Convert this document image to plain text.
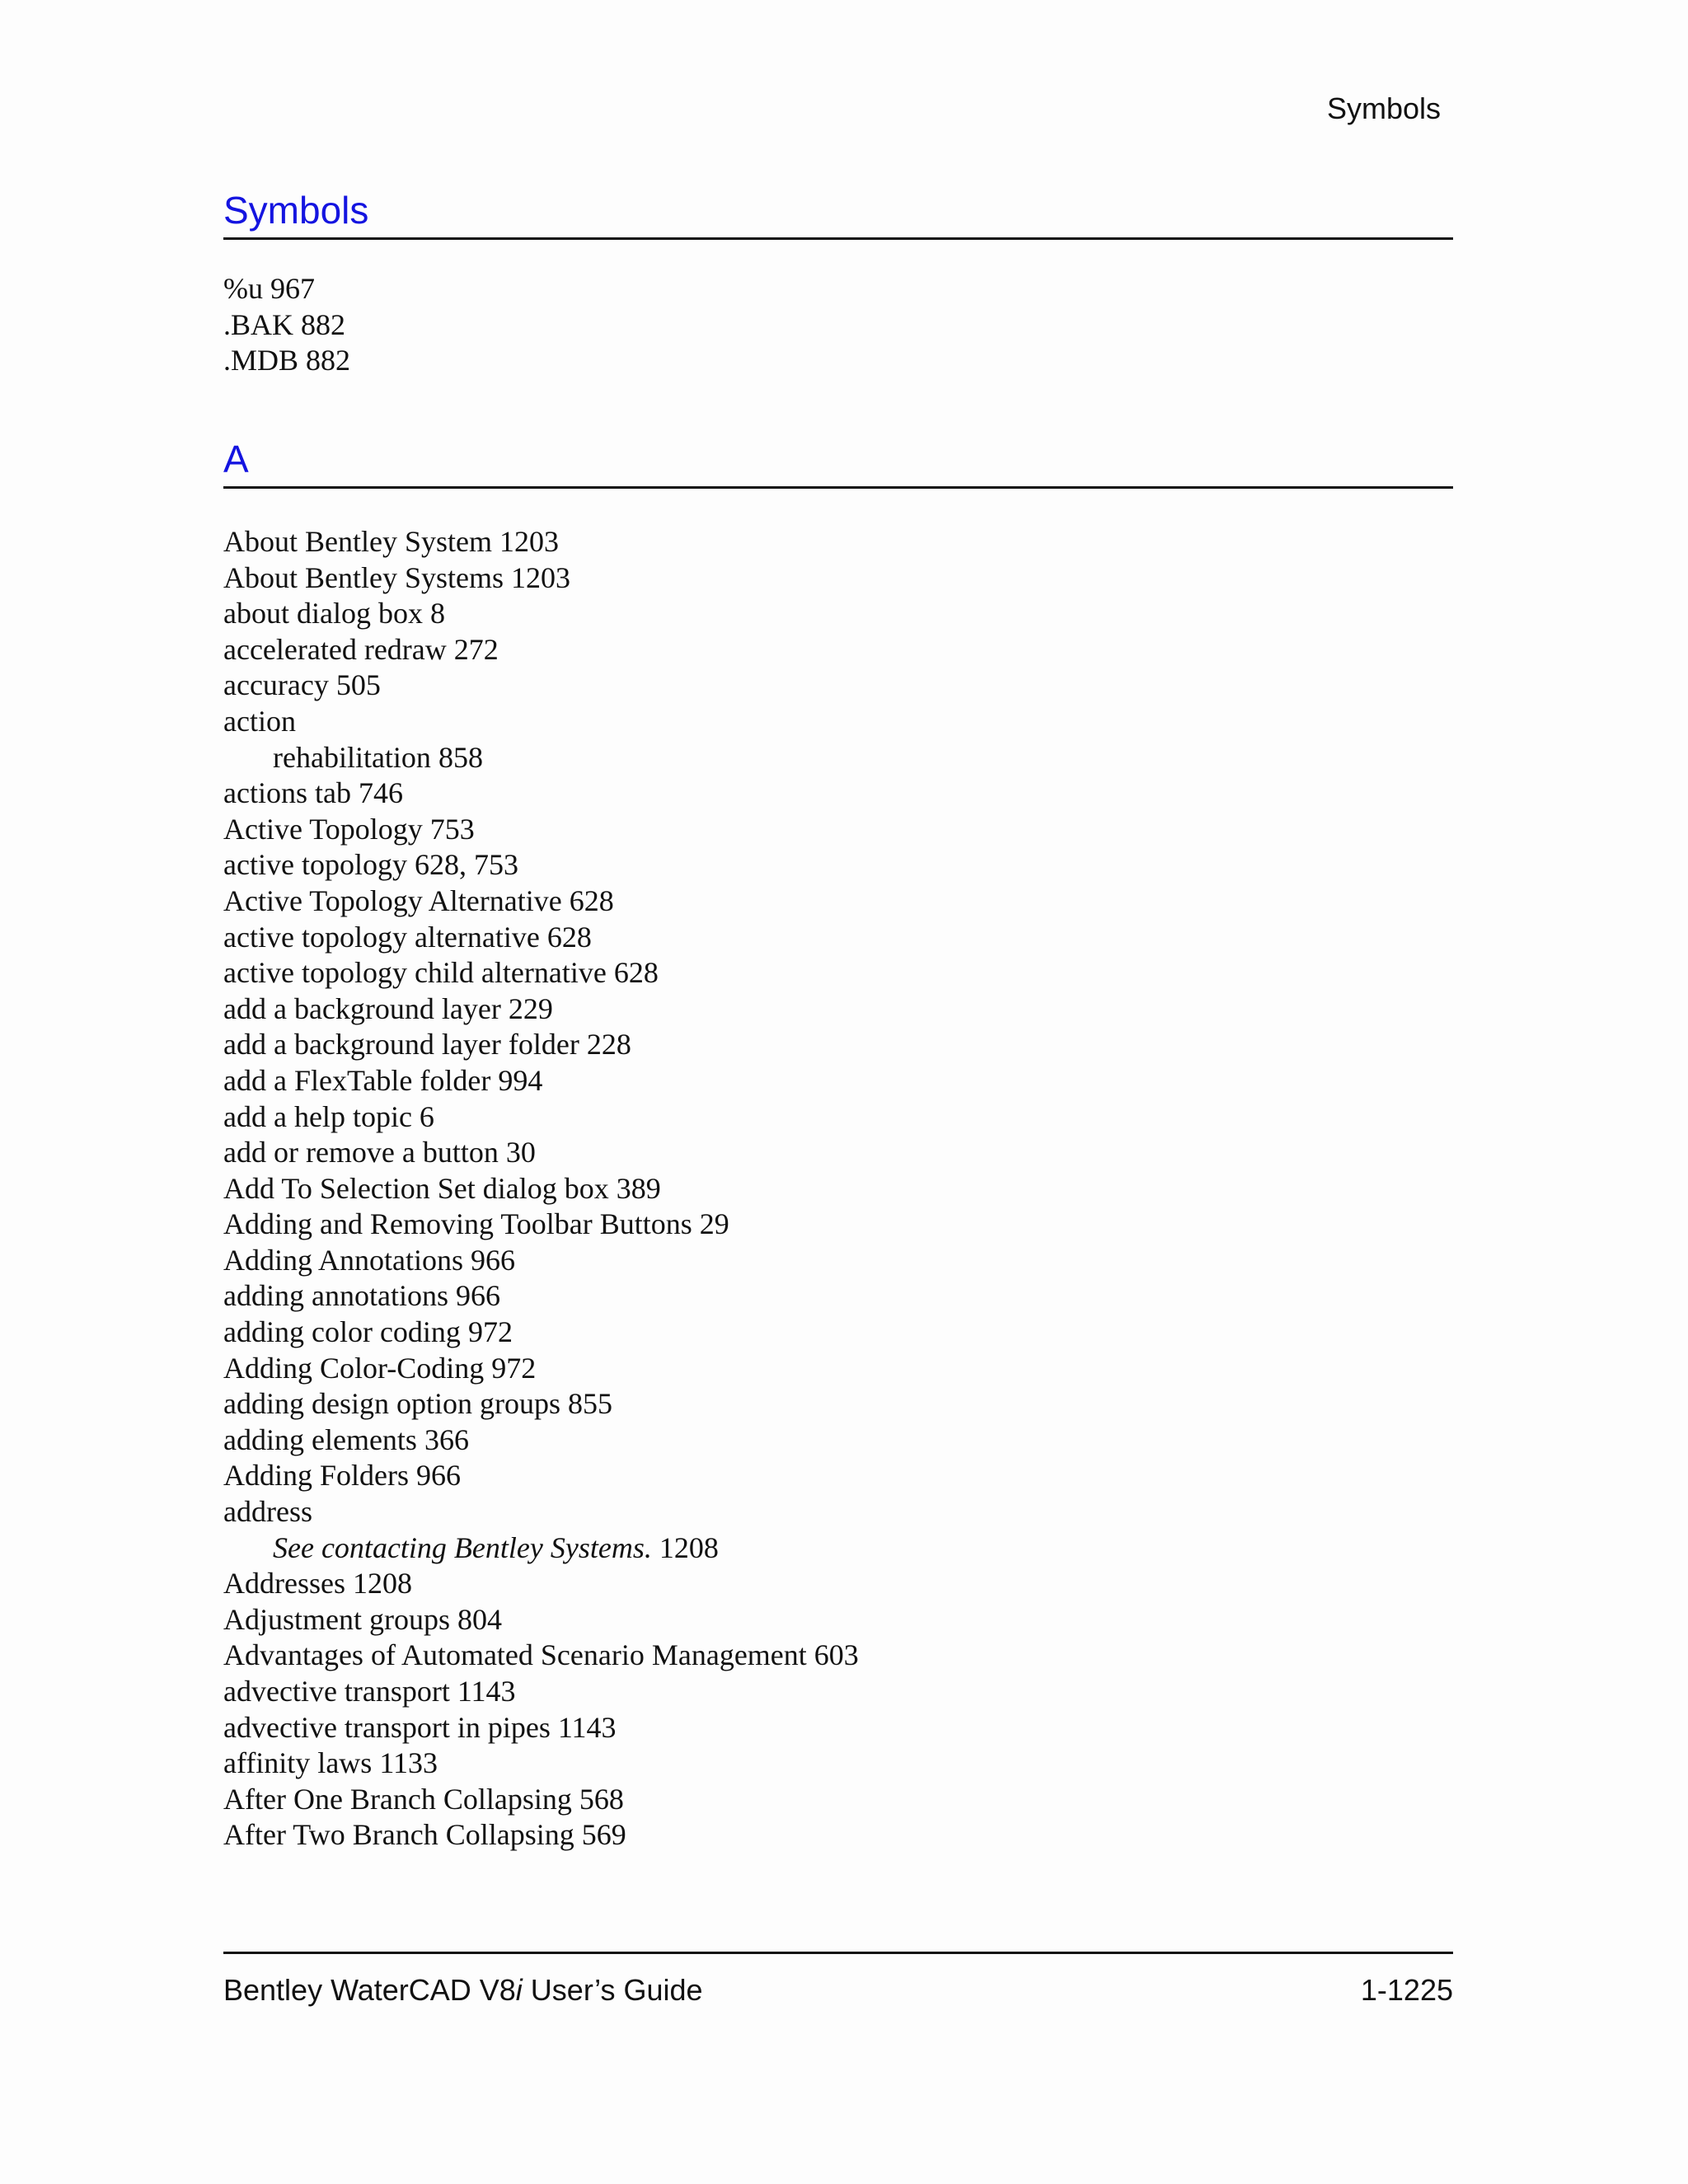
Symbols
Symbols
%u 967
.BAK 882
.MDB 882
A
About Bentley System 1203
About Bentley Systems 1203
about dialog box 8
accelerated redraw 272
accuracy 505
action
rehabilitation 858
actions tab 746
Active Topology 753
active topology 628, 753
Active Topology Alternative 628
active topology alternative 628
active topology child alternative 628
add a background layer 229
add a background layer folder 228
add a FlexTable folder 994
add a help topic 6
add or remove a button 30
Add To Selection Set dialog box 389
Adding and Removing Toolbar Buttons 29
Adding Annotations 966
adding annotations 966
adding color coding 972
Adding Color-Coding 972
adding design option groups 855
adding elements 366
Adding Folders 966
address
See contacting Bentley Systems. 1208
Addresses 1208
Adjustment groups 804
Advantages of Automated Scenario Management 603
advective transport 1143
advective transport in pipes 1143
affinity laws 1133
After One Branch Collapsing 568
After Two Branch Collapsing 569
Bentley WaterCAD V8i User’s Guide	1-1225
